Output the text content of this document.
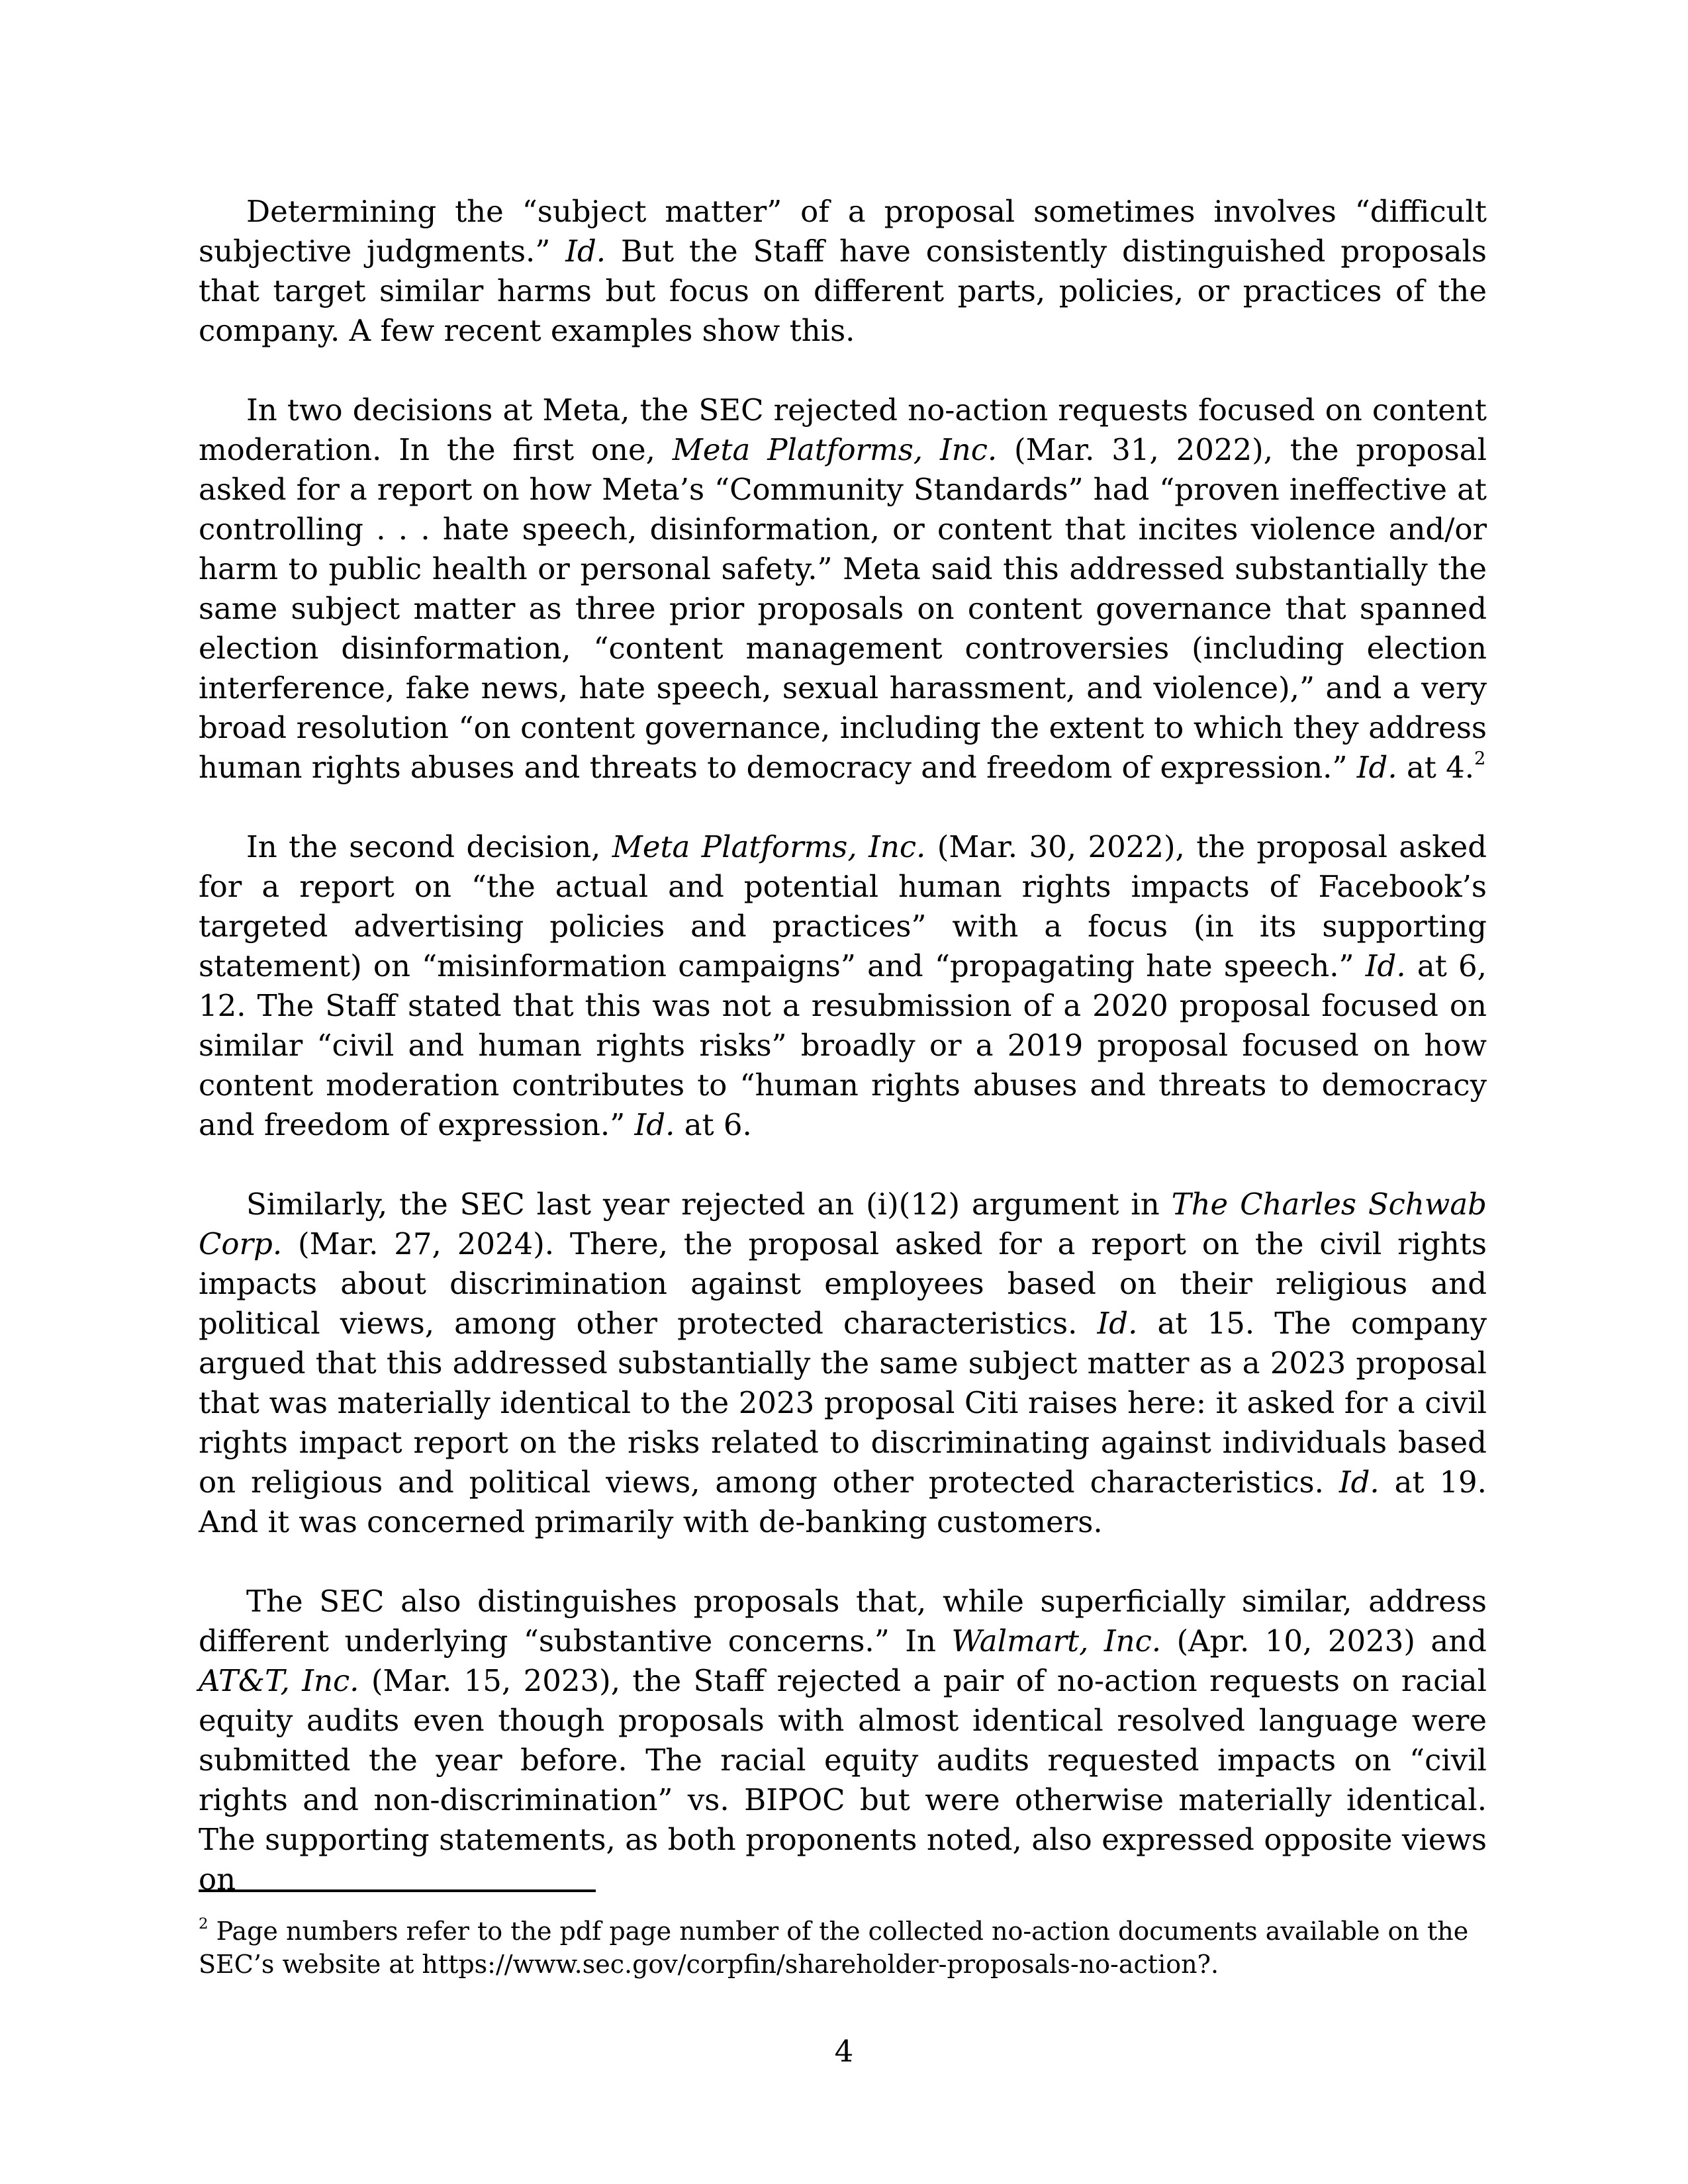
Determining the “subject matter” of a proposal sometimes involves “difficult subjective judgments.” Id. But the Staff have consistently distinguished proposals that target similar harms but focus on different parts, policies, or practices of the company. A few recent examples show this.

In two decisions at Meta, the SEC rejected no-action requests focused on content moderation. In the first one, Meta Platforms, Inc. (Mar. 31, 2022), the proposal asked for a report on how Meta’s “Community Standards” had “proven ineffective at controlling . . . hate speech, disinformation, or content that incites violence and/or harm to public health or personal safety.” Meta said this addressed substantially the same subject matter as three prior proposals on content governance that spanned election disinformation, “content management controversies (including election interference, fake news, hate speech, sexual harassment, and violence),” and a very broad resolution “on content governance, including the extent to which they address human rights abuses and threats to democracy and freedom of expression.” Id. at 4.$^2$

In the second decision, Meta Platforms, Inc. (Mar. 30, 2022), the proposal asked for a report on “the actual and potential human rights impacts of Facebook’s targeted advertising policies and practices” with a focus (in its supporting statement) on “misinformation campaigns” and “propagating hate speech.” Id. at 6, 12. The Staff stated that this was not a resubmission of a 2020 proposal focused on similar “civil and human rights risks” broadly or a 2019 proposal focused on how content moderation contributes to “human rights abuses and threats to democracy and freedom of expression.” Id. at 6.

Similarly, the SEC last year rejected an (i)(12) argument in The Charles Schwab Corp. (Mar. 27, 2024). There, the proposal asked for a report on the civil rights impacts about discrimination against employees based on their religious and political views, among other protected characteristics. Id. at 15. The company argued that this addressed substantially the same subject matter as a 2023 proposal that was materially identical to the 2023 proposal Citi raises here: it asked for a civil rights impact report on the risks related to discriminating against individuals based on religious and political views, among other protected characteristics. Id. at 19. And it was concerned primarily with de-banking customers.

The SEC also distinguishes proposals that, while superficially similar, address different underlying “substantive concerns.” In Walmart, Inc. (Apr. 10, 2023) and AT&T, Inc. (Mar. 15, 2023), the Staff rejected a pair of no-action requests on racial equity audits even though proposals with almost identical resolved language were submitted the year before. The racial equity audits requested impacts on “civil rights and non-discrimination” vs. BIPOC but were otherwise materially identical. The supporting statements, as both proponents noted, also expressed opposite views on

$^2$ Page numbers refer to the pdf page number of the collected no-action documents available on the SEC’s website at https://www.sec.gov/corpfin/shareholder-proposals-no-action?.

4
